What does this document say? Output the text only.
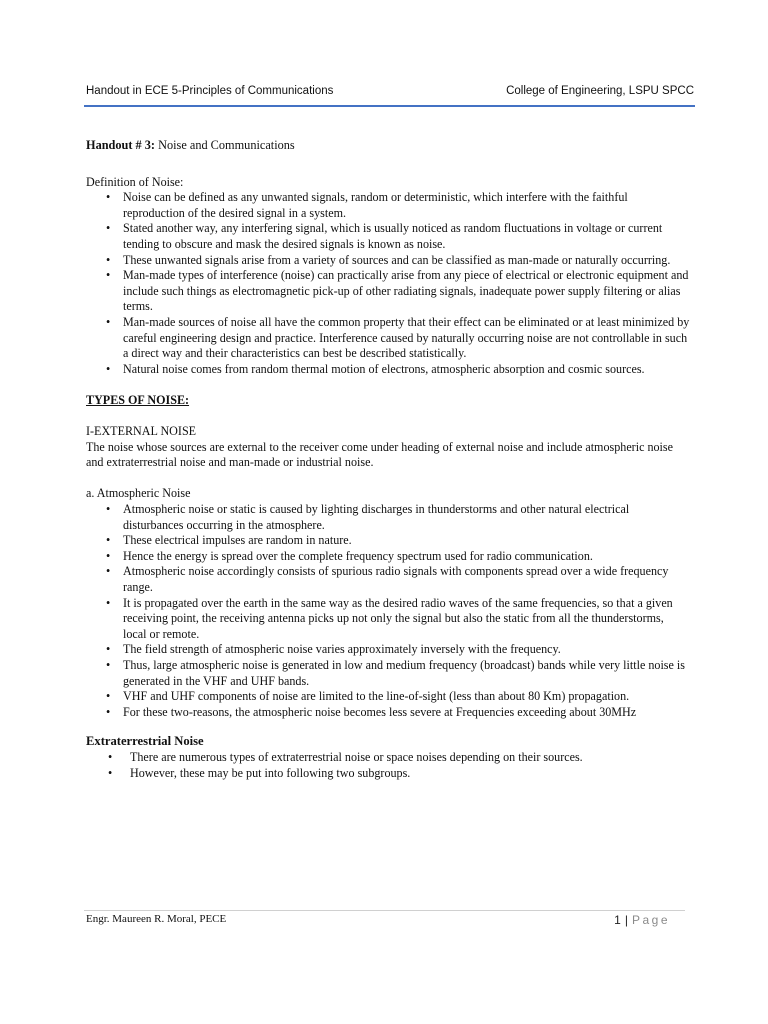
Handout in ECE 5-Principles of Communications	College of Engineering, LSPU SPCC

Handout # 3: Noise and Communications

Definition of Noise:

• Noise can be defined as any unwanted signals, random or deterministic, which interfere with the faithful reproduction of the desired signal in a system.
• Stated another way, any interfering signal, which is usually noticed as random fluctuations in voltage or current tending to obscure and mask the desired signals is known as noise.
• These unwanted signals arise from a variety of sources and can be classified as man-made or naturally occurring.
• Man-made types of interference (noise) can practically arise from any piece of electrical or electronic equipment and include such things as electromagnetic pick-up of other radiating signals, inadequate power supply filtering or alias terms.
• Man-made sources of noise all have the common property that their effect can be eliminated or at least minimized by careful engineering design and practice. Interference caused by naturally occurring noise are not controllable in such a direct way and their characteristics can best be described statistically.
• Natural noise comes from random thermal motion of electrons, atmospheric absorption and cosmic sources.

TYPES OF NOISE:

I-EXTERNAL NOISE

The noise whose sources are external to the receiver come under heading of external noise and include atmospheric noise and extraterrestrial noise and man-made or industrial noise.

a. Atmospheric Noise

• Atmospheric noise or static is caused by lighting discharges in thunderstorms and other natural electrical disturbances occurring in the atmosphere.
• These electrical impulses are random in nature.
• Hence the energy is spread over the complete frequency spectrum used for radio communication.
• Atmospheric noise accordingly consists of spurious radio signals with components spread over a wide frequency range.
• It is propagated over the earth in the same way as the desired radio waves of the same frequencies, so that a given receiving point, the receiving antenna picks up not only the signal but also the static from all the thunderstorms, local or remote.
• The field strength of atmospheric noise varies approximately inversely with the frequency.
• Thus, large atmospheric noise is generated in low and medium frequency (broadcast) bands while very little noise is generated in the VHF and UHF bands.
• VHF and UHF components of noise are limited to the line-of-sight (less than about 80 Km) propagation.
• For these two-reasons, the atmospheric noise becomes less severe at Frequencies exceeding about 30MHz

Extraterrestrial Noise

• There are numerous types of extraterrestrial noise or space noises depending on their sources.
• However, these may be put into following two subgroups.
Engr. Maureen R. Moral, PECE	1 | Page
